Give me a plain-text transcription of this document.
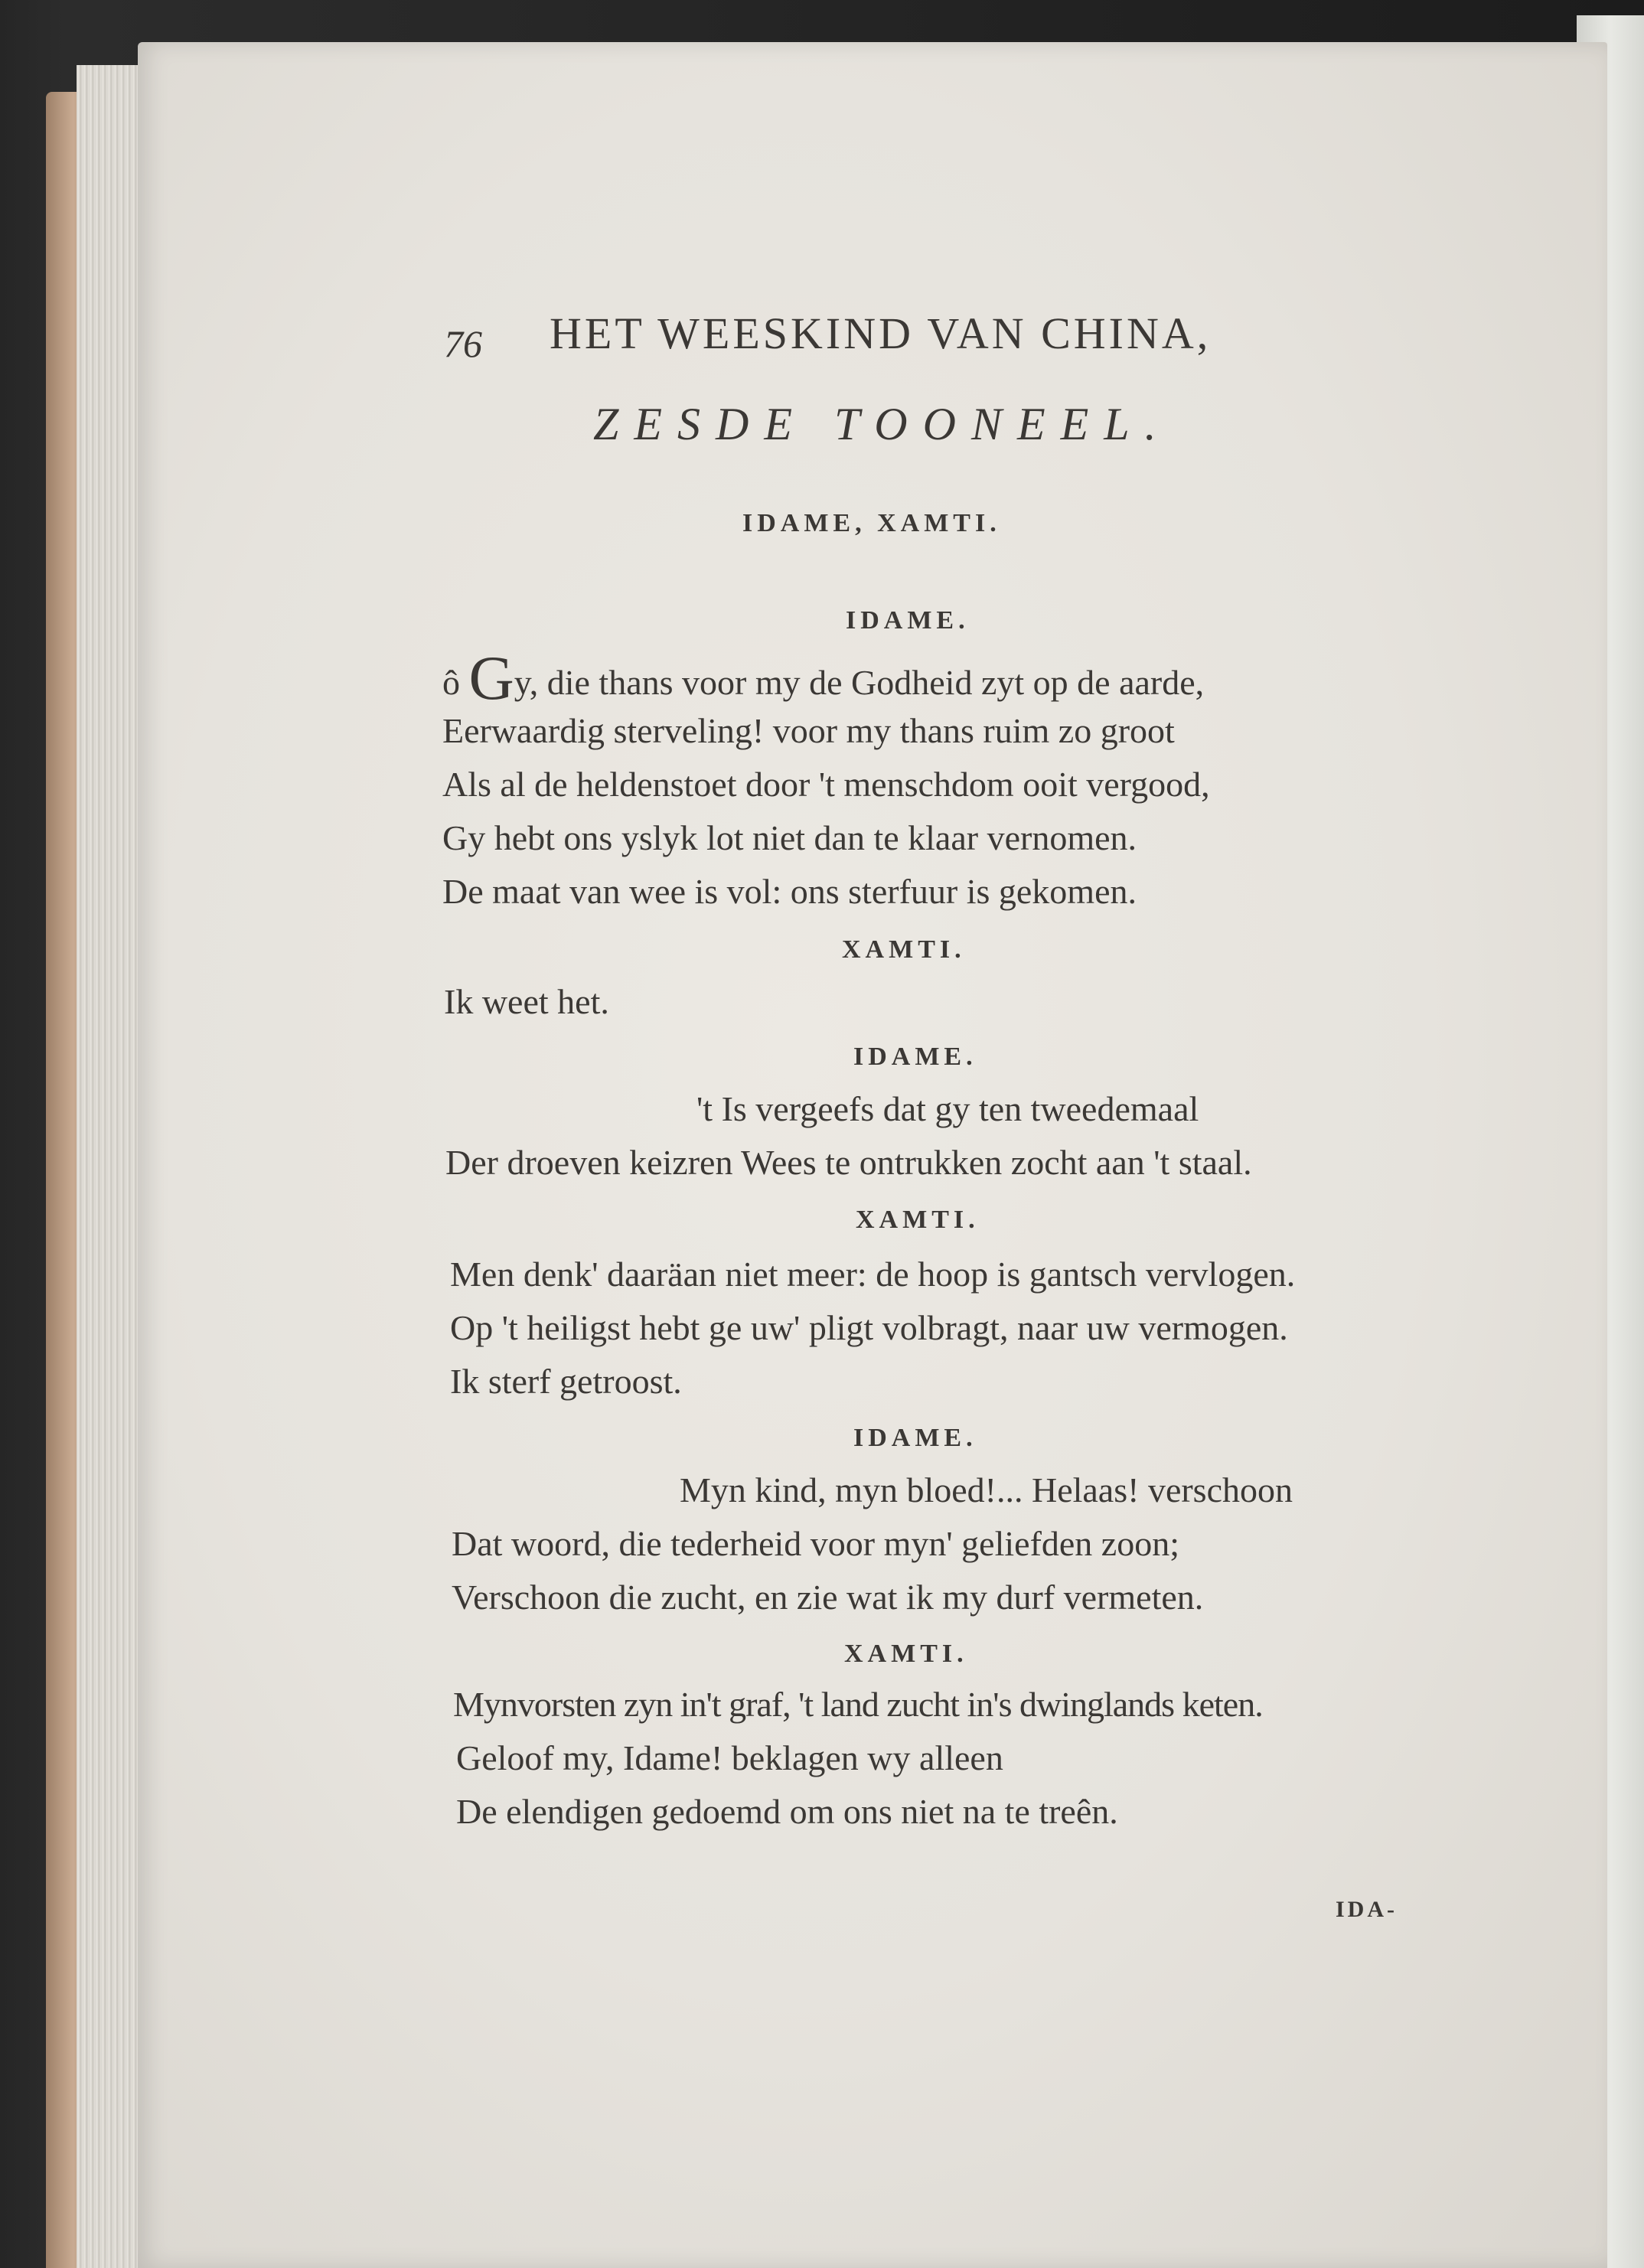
76 HET WEESKIND VAN CHINA,
ZESDE TOONEEL.
IDAME, XAMTI.
IDAME.
ô Gy, die thans voor my de Godheid zyt op de aarde,
Eerwaardig sterveling! voor my thans ruim zo groot
Als al de heldenstoet door 't menschdom ooit vergood,
Gy hebt ons yslyk lot niet dan te klaar vernomen.
De maat van wee is vol: ons sterfuur is gekomen.
XAMTI.
Ik weet het.
IDAME.
't Is vergeefs dat gy ten tweedemaal
Der droeven keizren Wees te ontrukken zocht aan 't staal.
XAMTI.
Men denk' daaräan niet meer: de hoop is gantsch vervlogen.
Op 't heiligst hebt ge uw' pligt volbragt, naar uw vermogen.
Ik sterf getroost.
IDAME.
Myn kind, myn bloed!... Helaas! verschoon
Dat woord, die tederheid voor myn' geliefden zoon;
Verschoon die zucht, en zie wat ik my durf vermeten.
XAMTI.
Mynvorsten zyn in't graf, 't land zucht in's dwinglands keten.
Geloof my, Idame! beklagen wy alleen
De elendigen gedoemd om ons niet na te treên.
IDA-
